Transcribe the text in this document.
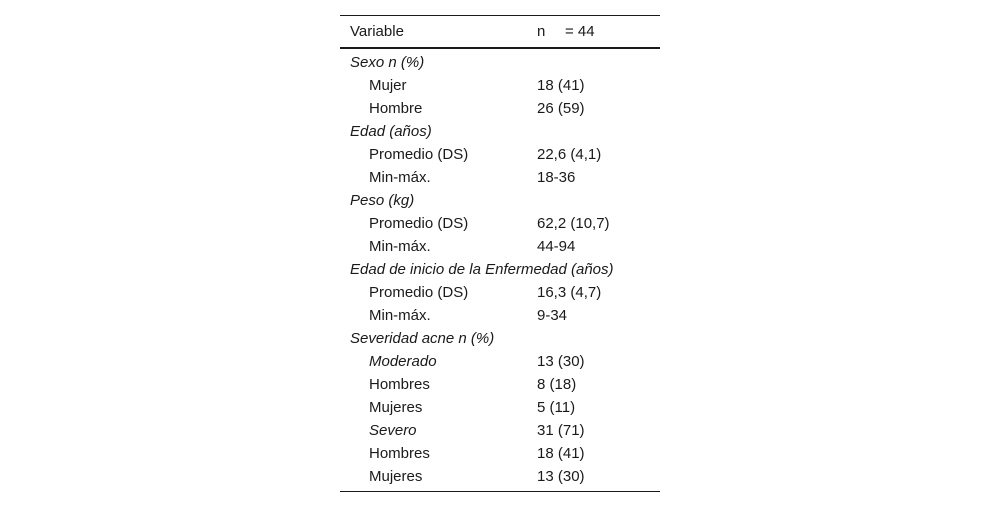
Variable	n = 44
Sexo n (%)
Mujer	18 (41)
Hombre	26 (59)
Edad (años)
Promedio (DS)	22,6 (4,1)
Min-máx.	18-36
Peso (kg)
Promedio (DS)	62,2 (10,7)
Min-máx.	44-94
Edad de inicio de la Enfermedad (años)
Promedio (DS)	16,3 (4,7)
Min-máx.	9-34
Severidad acne n (%)
Moderado	13 (30)
Hombres	8 (18)
Mujeres	5 (11)
Severo	31 (71)
Hombres	18 (41)
Mujeres	13 (30)
